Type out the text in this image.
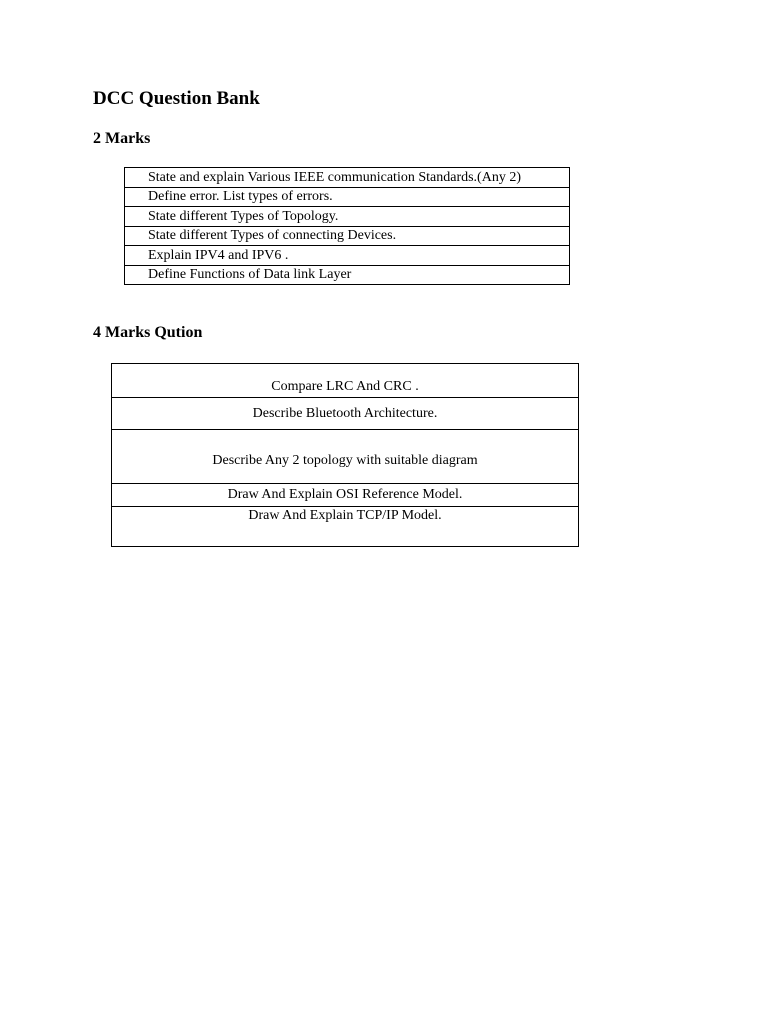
DCC Question Bank
2 Marks
State and explain Various IEEE communication Standards.(Any 2)
Define error. List types of errors.
State different Types of Topology.
State different Types of connecting Devices.
Explain IPV4 and IPV6 .
Define Functions of Data link Layer
4 Marks Qution
Compare LRC And CRC .
Describe Bluetooth Architecture.
Describe Any 2 topology with suitable diagram
Draw And Explain OSI Reference Model.
Draw And Explain TCP/IP Model.
